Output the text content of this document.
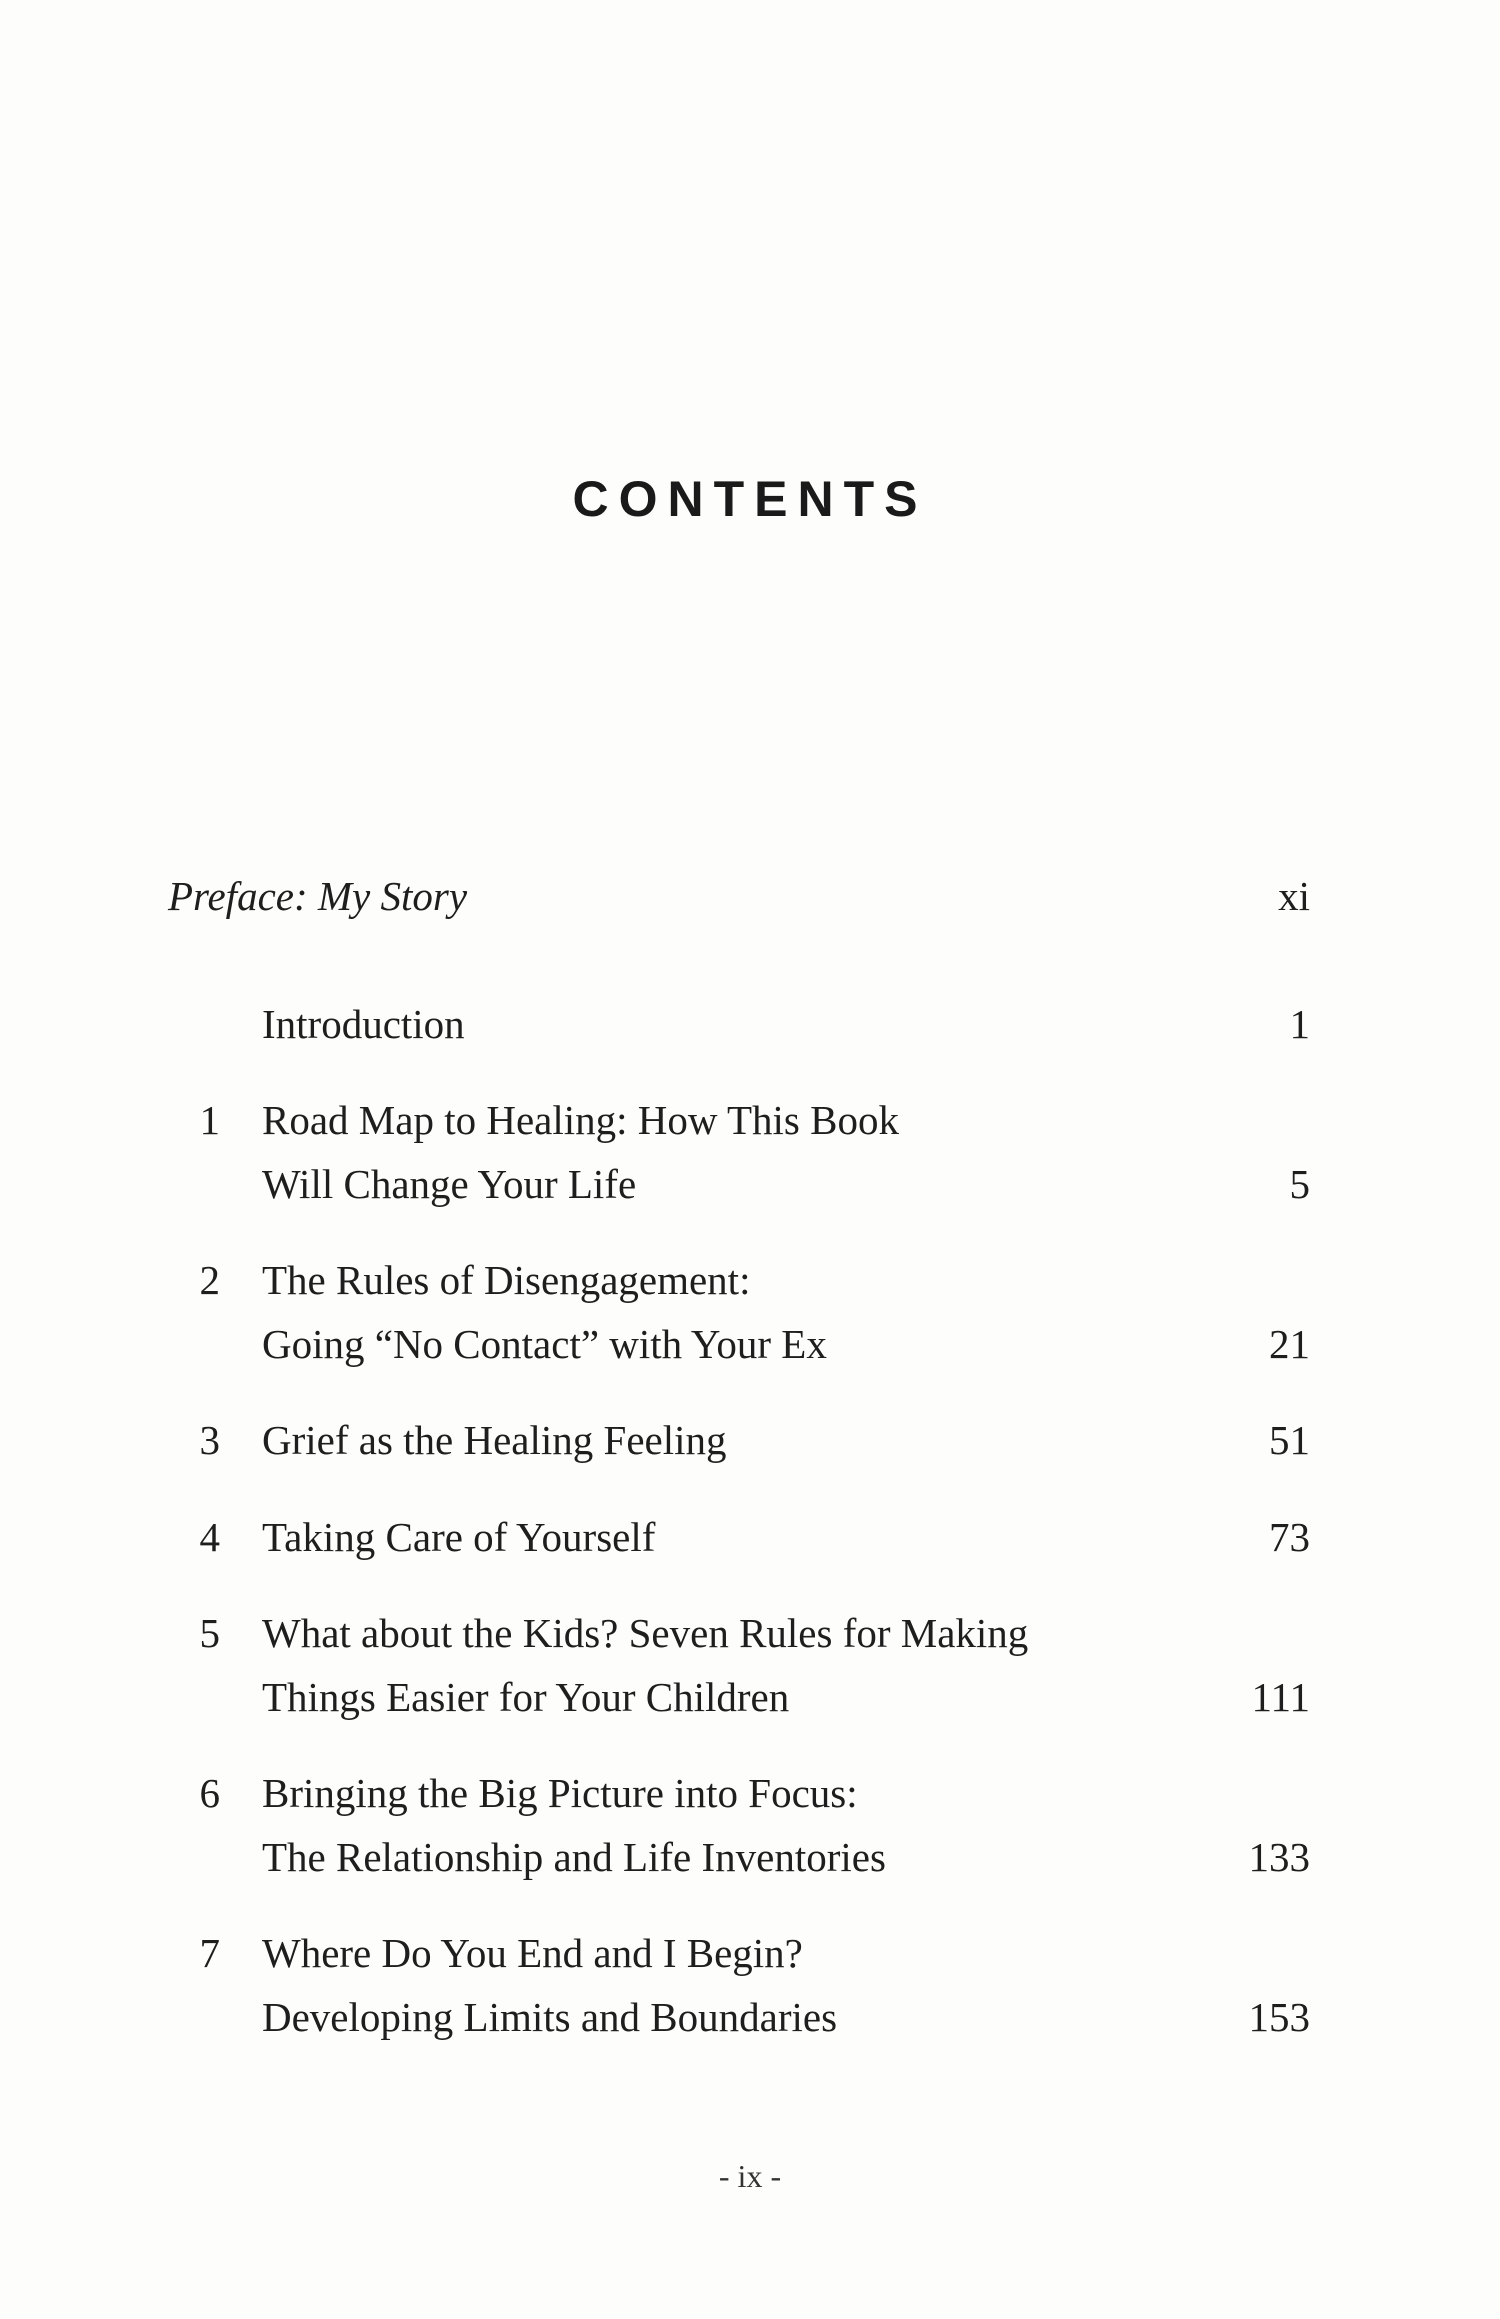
CONTENTS
Preface: My Story	xi
Introduction	1
1 Road Map to Healing: How This Book
Will Change Your Life	5
2 The Rules of Disengagement:
Going “No Contact” with Your Ex	21
3 Grief as the Healing Feeling	51
4 Taking Care of Yourself	73
5 What about the Kids? Seven Rules for Making
Things Easier for Your Children	111
6 Bringing the Big Picture into Focus:
The Relationship and Life Inventories	133
7 Where Do You End and I Begin?
Developing Limits and Boundaries	153
- ix -
